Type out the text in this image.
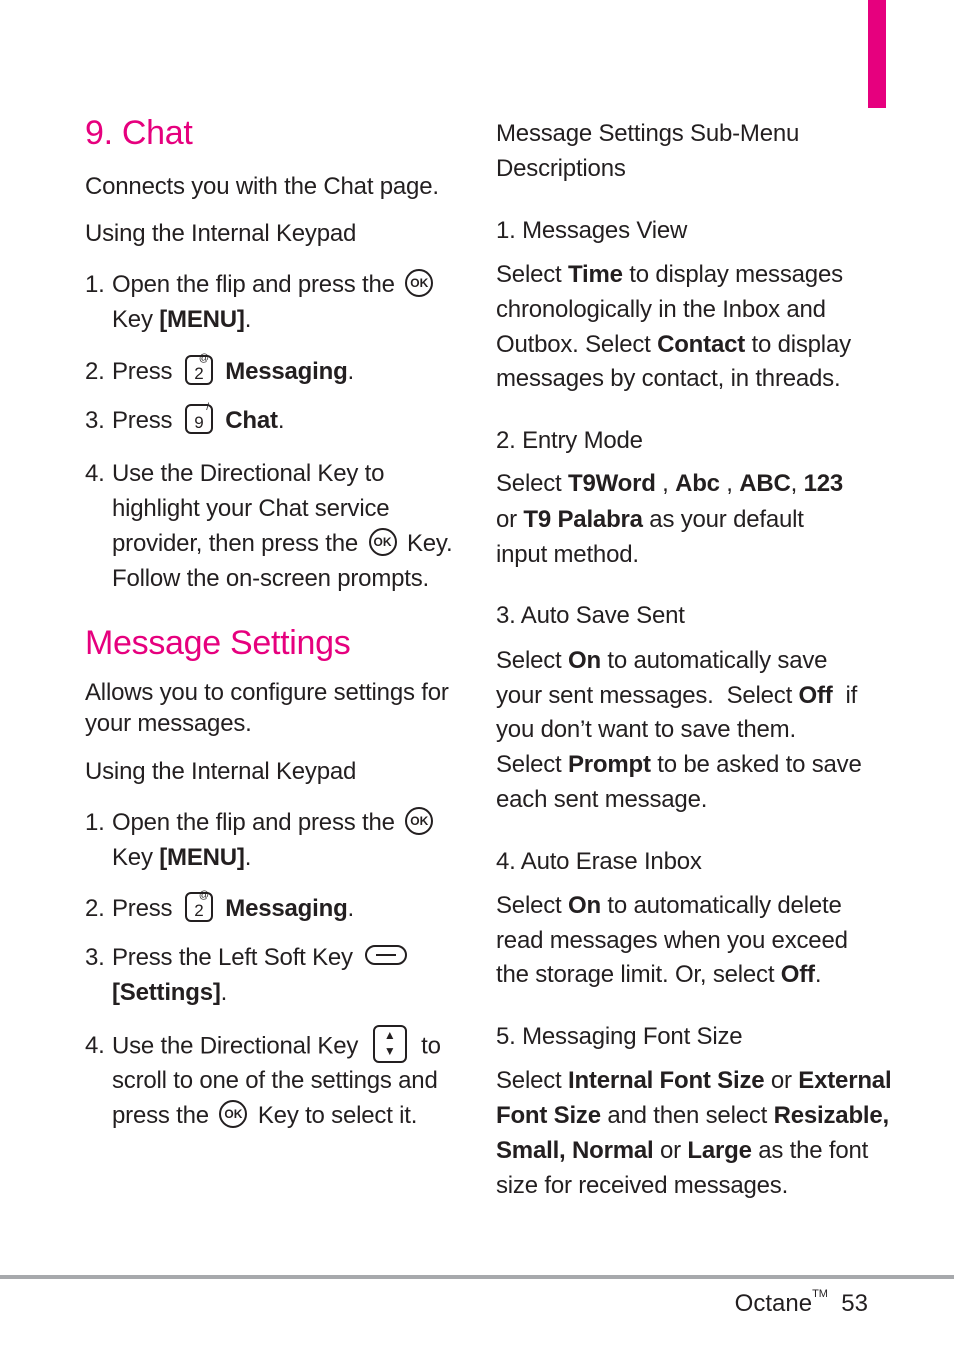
9. Chat
Connects you with the Chat page.
Using the Internal Keypad
1. Open the flip and press the OK
Key [MENU].
2. Press 2
@ Messaging.
3. Press 9
/ Chat.
4. Use the Directional Key to
highlight your Chat service
provider, then press the OK Key.
Follow the on-screen prompts.
Message Settings
Allows you to configure settings for
your messages.
Using the Internal Keypad
1. Open the flip and press the OK
Key [MENU].
2. Press 2
@ Messaging.
3. Press the Left Soft Key
[Settings].
4. Use the Directional Key ▲
▼ to
scroll to one of the settings and
press the OK Key to select it.
Message Settings Sub-Menu
Descriptions
1. Messages View
Select Time to display messages
chronologically in the Inbox and
Outbox. Select Contact to display
messages by contact, in threads.
2. Entry Mode
Select T9Word , Abc , ABC, 123
or T9 Palabra as your default
input method.
3. Auto Save Sent
Select On to automatically save
your sent messages.  Select Off  if
you don’t want to save them.
Select Prompt to be asked to save
each sent message.
4. Auto Erase Inbox
Select On to automatically delete
read messages when you exceed
the storage limit. Or, select Off.
5. Messaging Font Size
Select Internal Font Size or External
Font Size and then select Resizable,
Small, Normal or Large as the font
size for received messages.
Octane™ 53
